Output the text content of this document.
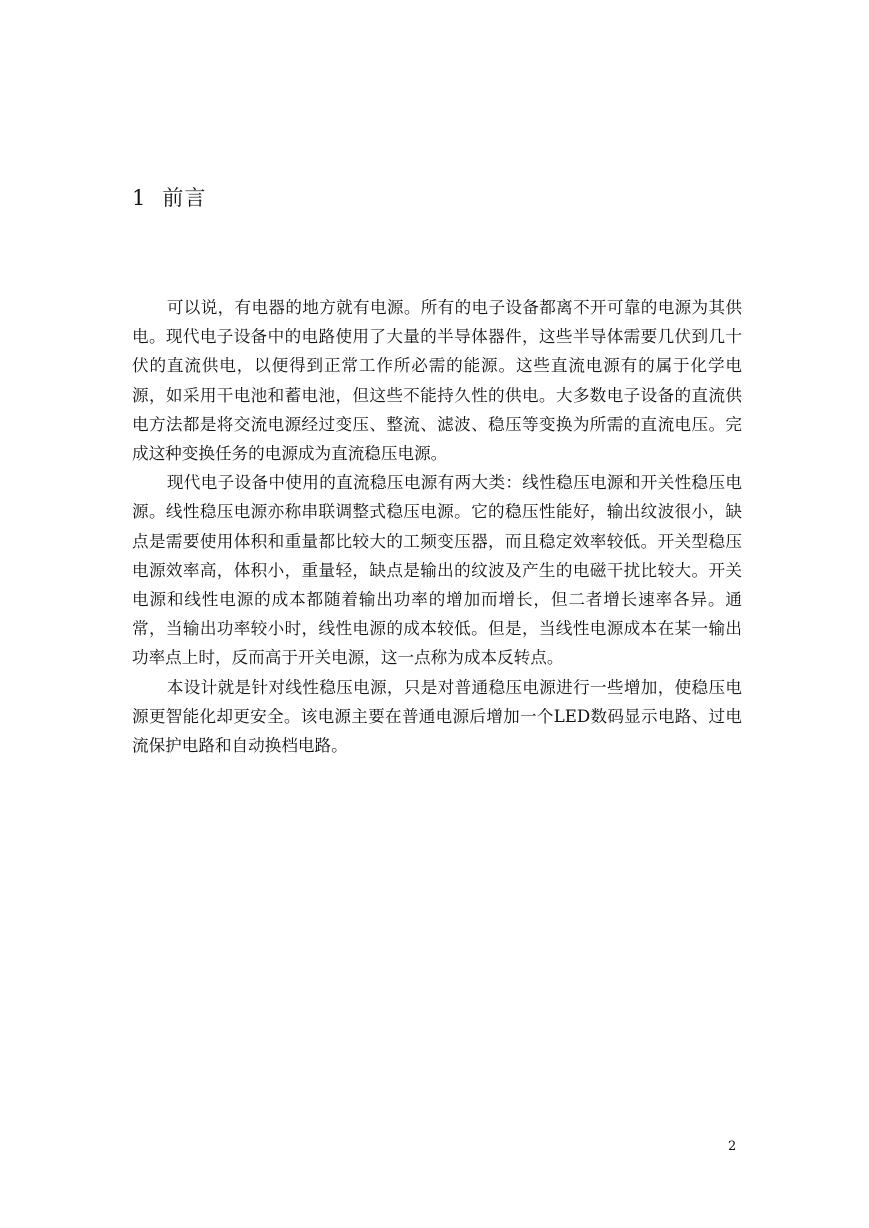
1 前言

可以说，有电器的地方就有电源。所有的电子设备都离不开可靠的电源为其供电。现代电子设备中的电路使用了大量的半导体器件，这些半导体需要几伏到几十伏的直流供电，以便得到正常工作所必需的能源。这些直流电源有的属于化学电源，如采用干电池和蓄电池，但这些不能持久性的供电。大多数电子设备的直流供电方法都是将交流电源经过变压、整流、滤波、稳压等变换为所需的直流电压。完成这种变换任务的电源成为直流稳压电源。

现代电子设备中使用的直流稳压电源有两大类：线性稳压电源和开关性稳压电源。线性稳压电源亦称串联调整式稳压电源。它的稳压性能好，输出纹波很小，缺点是需要使用体积和重量都比较大的工频变压器，而且稳定效率较低。开关型稳压电源效率高，体积小，重量轻，缺点是输出的纹波及产生的电磁干扰比较大。开关电源和线性电源的成本都随着输出功率的增加而增长，但二者增长速率各异。通常，当输出功率较小时，线性电源的成本较低。但是，当线性电源成本在某一输出功率点上时，反而高于开关电源，这一点称为成本反转点。

本设计就是针对线性稳压电源，只是对普通稳压电源进行一些增加，使稳压电源更智能化却更安全。该电源主要在普通电源后增加一个LED数码显示电路、过电流保护电路和自动换档电路。

2
